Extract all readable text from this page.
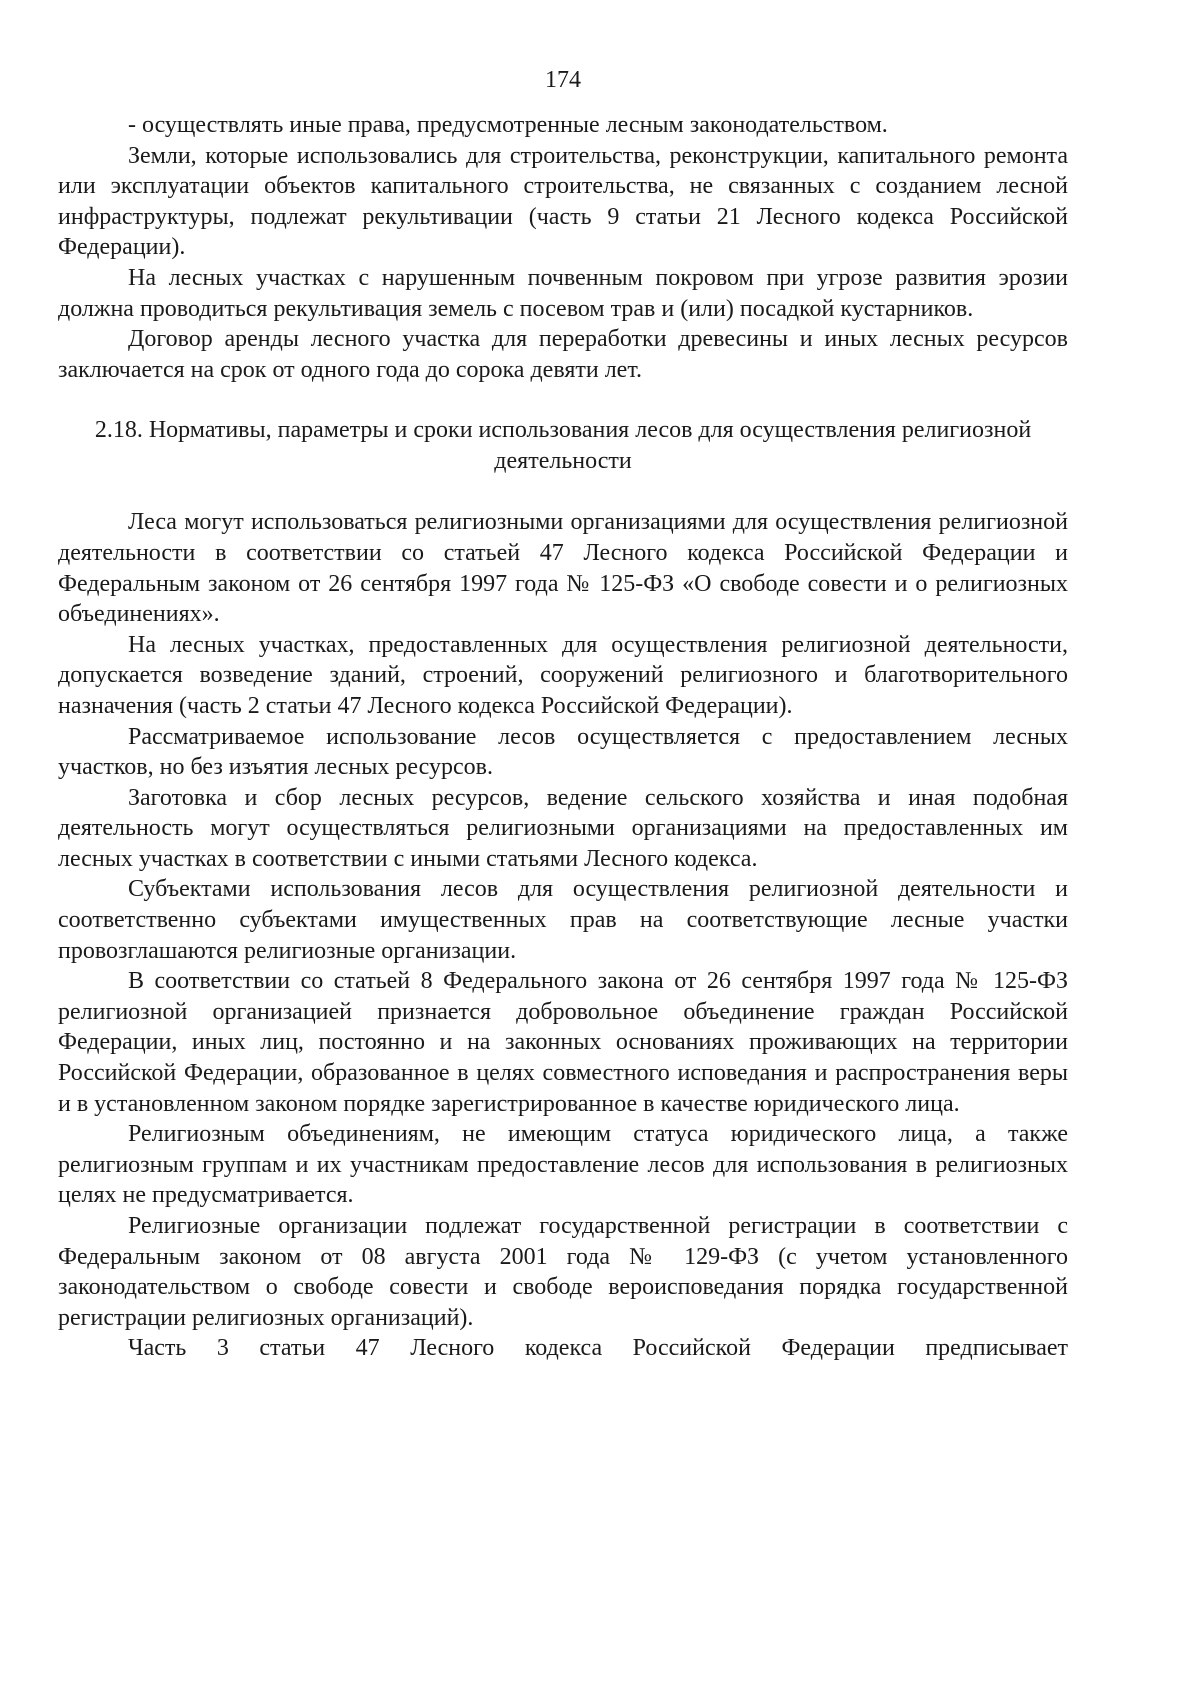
174

- осуществлять иные права, предусмотренные лесным законодательством.

Земли, которые использовались для строительства, реконструкции, капитального ремонта или эксплуатации объектов капитального строительства, не связанных с созданием лесной инфраструктуры, подлежат рекультивации (часть 9 статьи 21 Лесного кодекса Российской Федерации).

На лесных участках с нарушенным почвенным покровом при угрозе развития эрозии должна проводиться рекультивация земель с посевом трав и (или) посадкой кустарников.

Договор аренды лесного участка для переработки древесины и иных лесных ресурсов заключается на срок от одного года до сорока девяти лет.

2.18. Нормативы, параметры и сроки использования лесов для осуществления религиозной деятельности

Леса могут использоваться религиозными организациями для осуществления религиозной деятельности в соответствии со статьей 47 Лесного кодекса Российской Федерации и Федеральным законом от 26 сентября 1997 года № 125-ФЗ «О свободе совести и о религиозных объединениях».

На лесных участках, предоставленных для осуществления религиозной деятельности, допускается возведение зданий, строений, сооружений религиозного и благотворительного назначения (часть 2 статьи 47 Лесного кодекса Российской Федерации).

Рассматриваемое использование лесов осуществляется с предоставлением лесных участков, но без изъятия лесных ресурсов.

Заготовка и сбор лесных ресурсов, ведение сельского хозяйства и иная подобная деятельность могут осуществляться религиозными организациями на предоставленных им лесных участках в соответствии с иными статьями Лесного кодекса.

Субъектами использования лесов для осуществления религиозной деятельности и соответственно субъектами имущественных прав на соответствующие лесные участки провозглашаются религиозные организации.

В соответствии со статьей 8 Федерального закона от 26 сентября 1997 года № 125-ФЗ религиозной организацией признается добровольное объединение граждан Российской Федерации, иных лиц, постоянно и на законных основаниях проживающих на территории Российской Федерации, образованное в целях совместного исповедания и распространения веры и в установленном законом порядке зарегистрированное в качестве юридического лица.

Религиозным объединениям, не имеющим статуса юридического лица, а также религиозным группам и их участникам предоставление лесов для использования в религиозных целях не предусматривается.

Религиозные организации подлежат государственной регистрации в соответствии с Федеральным законом от 08 августа 2001 года № 129-ФЗ (с учетом установленного законодательством о свободе совести и свободе вероисповедания порядка государственной регистрации религиозных организаций).

Часть 3 статьи 47 Лесного кодекса Российской Федерации предписывает
